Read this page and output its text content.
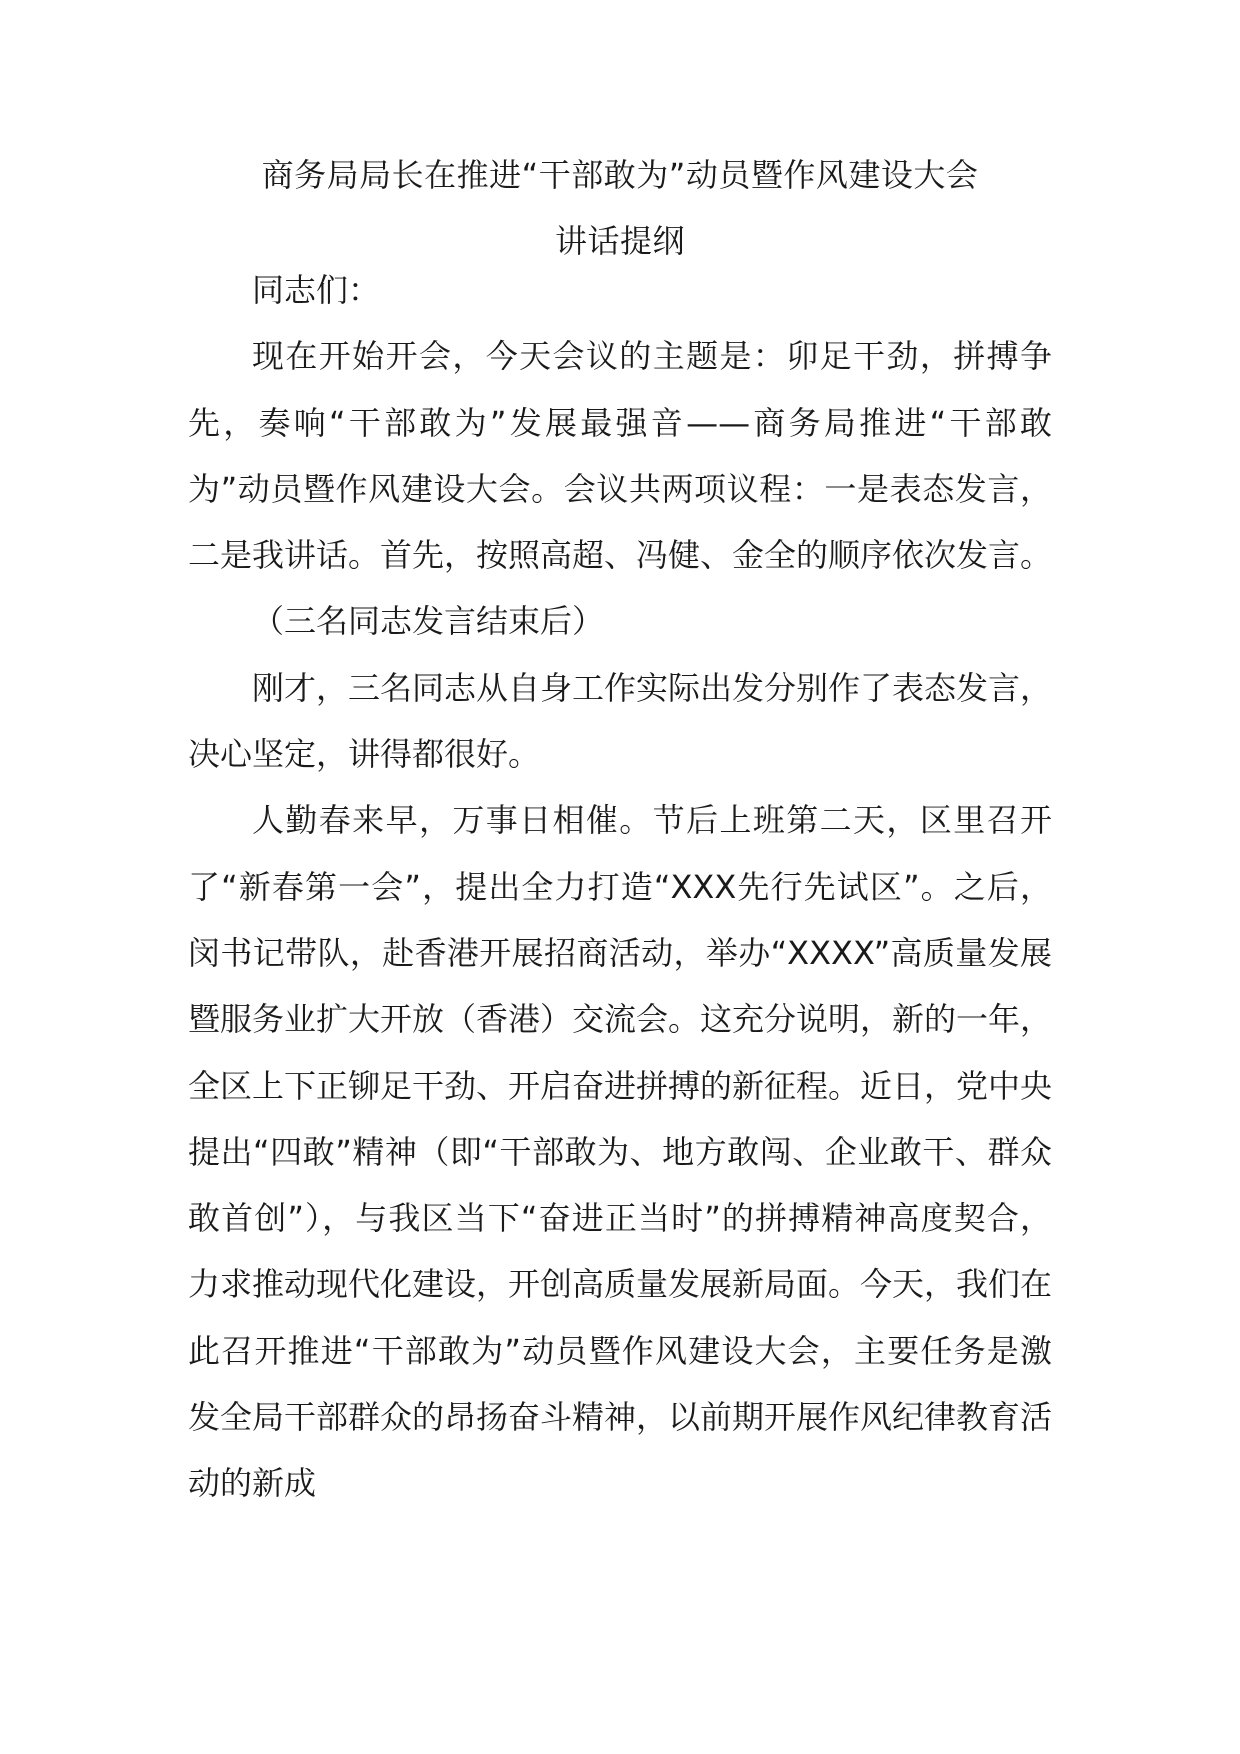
商务局局长在推进“干部敢为”动员暨作风建设大会
讲话提纲

同志们：

现在开始开会，今天会议的主题是：卯足干劲，拼搏争先，奏响“干部敢为”发展最强音——商务局推进“干部敢为”动员暨作风建设大会。会议共两项议程：一是表态发言，二是我讲话。首先，按照高超、冯健、金全的顺序依次发言。

（三名同志发言结束后）

刚才，三名同志从自身工作实际出发分别作了表态发言，决心坚定，讲得都很好。

人勤春来早，万事日相催。节后上班第二天，区里召开了“新春第一会”，提出全力打造“XXX先行先试区”。之后，闵书记带队，赴香港开展招商活动，举办“XXXX”高质量发展暨服务业扩大开放（香港）交流会。这充分说明，新的一年，全区上下正铆足干劲、开启奋进拼搏的新征程。近日，党中央提出“四敢”精神（即“干部敢为、地方敢闯、企业敢干、群众敢首创”），与我区当下“奋进正当时”的拼搏精神高度契合，力求推动现代化建设，开创高质量发展新局面。今天，我们在此召开推进“干部敢为”动员暨作风建设大会，主要任务是激发全局干部群众的昂扬奋斗精神，以前期开展作风纪律教育活动的新成
